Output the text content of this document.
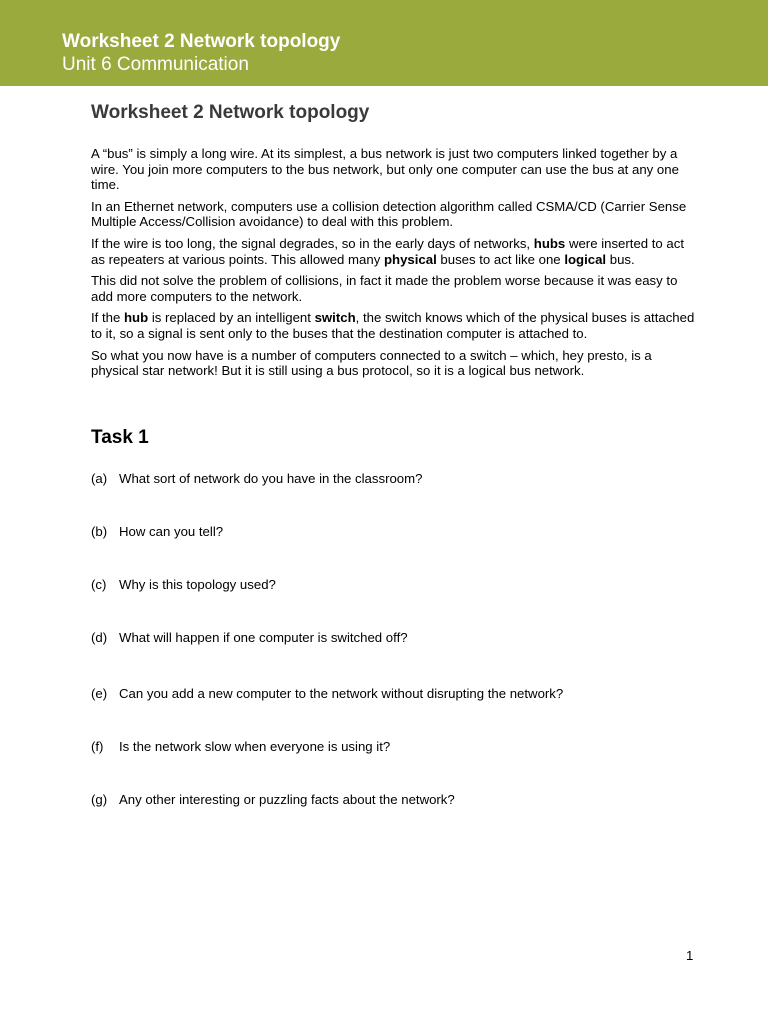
Worksheet 2 Network topology
Unit 6 Communication
Worksheet 2 Network topology

A “bus” is simply a long wire. At its simplest, a bus network is just two computers linked together by a wire. You join more computers to the bus network, but only one computer can use the bus at any one time.

In an Ethernet network, computers use a collision detection algorithm called CSMA/CD (Carrier Sense Multiple Access/Collision avoidance) to deal with this problem.

If the wire is too long, the signal degrades, so in the early days of networks, hubs were inserted to act as repeaters at various points. This allowed many physical buses to act like one logical bus.

This did not solve the problem of collisions, in fact it made the problem worse because it was easy to add more computers to the network.

If the hub is replaced by an intelligent switch, the switch knows which of the physical buses is attached to it, so a signal is sent only to the buses that the destination computer is attached to.

So what you now have is a number of computers connected to a switch – which, hey presto, is a physical star network! But it is still using a bus protocol, so it is a logical bus network.

Task 1
(a) What sort of network do you have in the classroom?
(b) How can you tell?
(c) Why is this topology used?
(d) What will happen if one computer is switched off?
(e) Can you add a new computer to the network without disrupting the network?
(f) Is the network slow when everyone is using it?
(g) Any other interesting or puzzling facts about the network?
1
